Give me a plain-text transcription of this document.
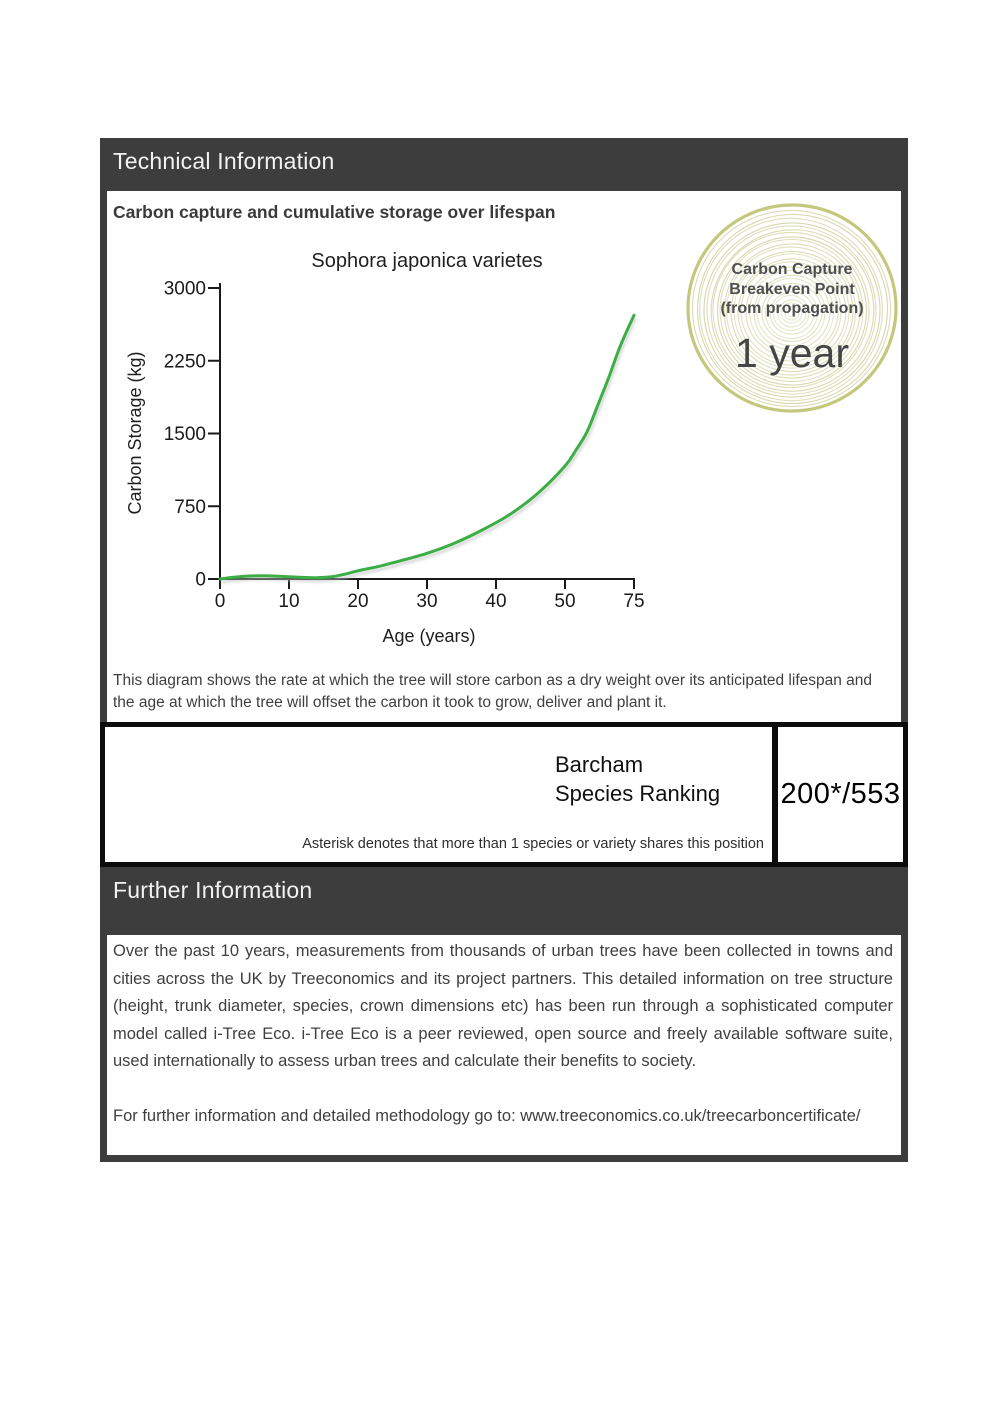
Technical Information
Carbon capture and cumulative storage over lifespan
Sophora japonica varietes
Age (years)
Carbon Storage (kg)
0	10	20	30	40	50	75
0
750
1500
2250
3000
This diagram shows the rate at which the tree will store carbon as a dry weight over its anticipated lifespan and the age at which the tree will offset the carbon it took to grow, deliver and plant it.
Carbon Capture
Breakeven Point
(from propagation)
1 year
Barcham
Species Ranking
Asterisk denotes that more than 1 species or variety shares this position
200*/553
Further Information

Over the past 10 years, measurements from thousands of urban trees have been collected in towns and cities across the UK by Treeconomics and its project partners. This detailed information on tree structure (height, trunk diameter, species, crown dimensions etc) has been run through a sophisticated computer model called i-Tree Eco. i-Tree Eco is a peer reviewed, open source and freely available software suite, used internationally to assess urban trees and calculate their benefits to society.

For further information and detailed methodology go to: www.treeconomics.co.uk/treecarboncertificate/
